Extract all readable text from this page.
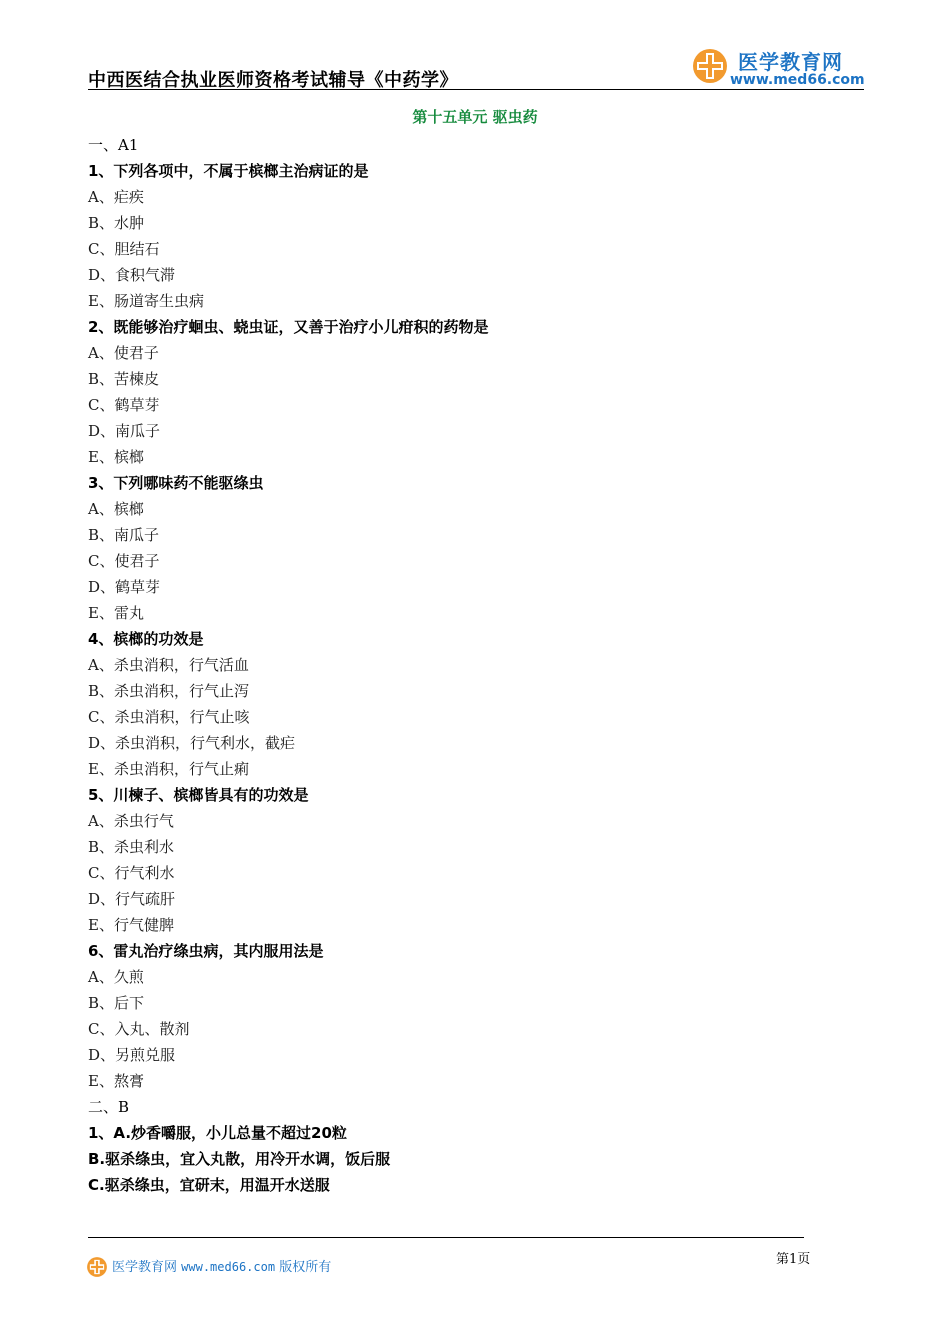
中西医结合执业医师资格考试辅导《中药学》
医学教育网
www.med66.com
第十五单元 驱虫药
一、A1
1、下列各项中，不属于槟榔主治病证的是
A、疟疾
B、水肿
C、胆结石
D、食积气滞
E、肠道寄生虫病
2、既能够治疗蛔虫、蛲虫证，又善于治疗小儿疳积的药物是
A、使君子
B、苦楝皮
C、鹤草芽
D、南瓜子
E、槟榔
3、下列哪味药不能驱绦虫
A、槟榔
B、南瓜子
C、使君子
D、鹤草芽
E、雷丸
4、槟榔的功效是
A、杀虫消积，行气活血
B、杀虫消积，行气止泻
C、杀虫消积，行气止咳
D、杀虫消积，行气利水，截疟
E、杀虫消积，行气止痢
5、川楝子、槟榔皆具有的功效是
A、杀虫行气
B、杀虫利水
C、行气利水
D、行气疏肝
E、行气健脾
6、雷丸治疗绦虫病，其内服用法是
A、久煎
B、后下
C、入丸、散剂
D、另煎兑服
E、熬膏
二、B
1、A.炒香嚼服，小儿总量不超过20粒
B.驱杀绦虫，宜入丸散，用冷开水调，饭后服
C.驱杀绦虫，宜研末，用温开水送服
医学教育网 www.med66.com 版权所有
第1页
